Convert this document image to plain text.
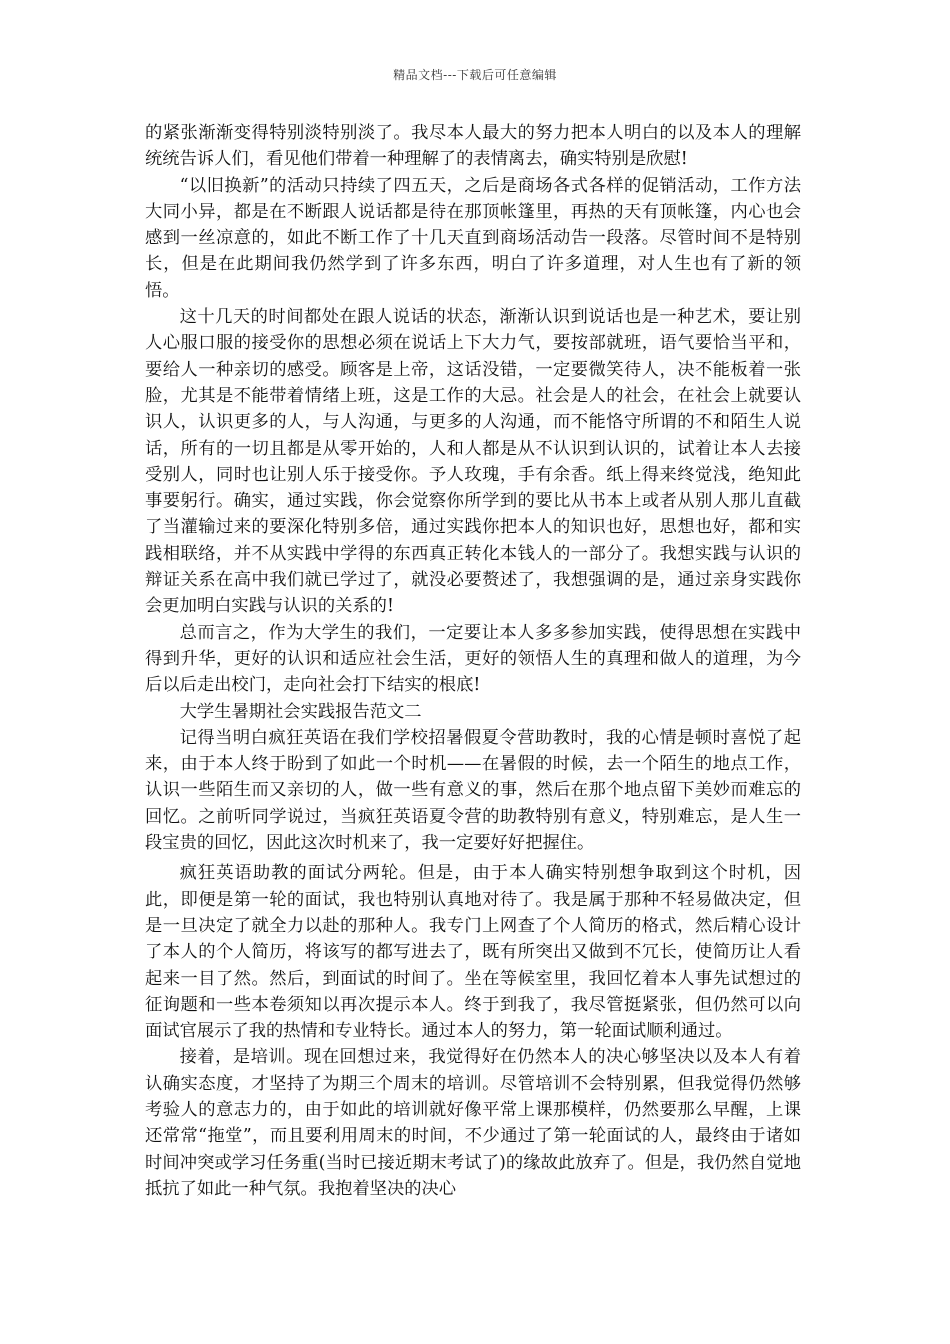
精品文档---下载后可任意编辑

的紧张渐渐变得特别淡特别淡了。我尽本人最大的努力把本人明白的以及本人的理解统统告诉人们，看见他们带着一种理解了的表情离去，确实特别是欣慰!

“以旧换新”的活动只持续了四五天，之后是商场各式各样的促销活动，工作方法大同小异，都是在不断跟人说话都是待在那顶帐篷里，再热的天有顶帐篷，内心也会感到一丝凉意的，如此不断工作了十几天直到商场活动告一段落。尽管时间不是特别长，但是在此期间我仍然学到了许多东西，明白了许多道理，对人生也有了新的领悟。

这十几天的时间都处在跟人说话的状态，渐渐认识到说话也是一种艺术，要让别人心服口服的接受你的思想必须在说话上下大力气，要按部就班，语气要恰当平和，要给人一种亲切的感受。顾客是上帝，这话没错，一定要微笑待人，决不能板着一张脸，尤其是不能带着情绪上班，这是工作的大忌。社会是人的社会，在社会上就要认识人，认识更多的人，与人沟通，与更多的人沟通，而不能恪守所谓的不和陌生人说话，所有的一切且都是从零开始的，人和人都是从不认识到认识的，试着让本人去接受别人，同时也让别人乐于接受你。予人玫瑰，手有余香。纸上得来终觉浅，绝知此事要躬行。确实，通过实践，你会觉察你所学到的要比从书本上或者从别人那儿直截了当灌输过来的要深化特别多倍，通过实践你把本人的知识也好，思想也好，都和实践相联络，并不从实践中学得的东西真正转化本钱人的一部分了。我想实践与认识的辩证关系在高中我们就已学过了，就没必要赘述了，我想强调的是，通过亲身实践你会更加明白实践与认识的关系的!

总而言之，作为大学生的我们，一定要让本人多多参加实践，使得思想在实践中得到升华，更好的认识和适应社会生活，更好的领悟人生的真理和做人的道理，为今后以后走出校门，走向社会打下结实的根底!

大学生暑期社会实践报告范文二

记得当明白疯狂英语在我们学校招暑假夏令营助教时，我的心情是顿时喜悦了起来，由于本人终于盼到了如此一个时机——在暑假的时候，去一个陌生的地点工作，认识一些陌生而又亲切的人，做一些有意义的事，然后在那个地点留下美妙而难忘的回忆。之前听同学说过，当疯狂英语夏令营的助教特别有意义，特别难忘，是人生一段宝贵的回忆，因此这次时机来了，我一定要好好把握住。

疯狂英语助教的面试分两轮。但是，由于本人确实特别想争取到这个时机，因此，即便是第一轮的面试，我也特别认真地对待了。我是属于那种不轻易做决定，但是一旦决定了就全力以赴的那种人。我专门上网查了个人简历的格式，然后精心设计了本人的个人简历，将该写的都写进去了，既有所突出又做到不冗长，使简历让人看起来一目了然。然后，到面试的时间了。坐在等候室里，我回忆着本人事先试想过的征询题和一些本卷须知以再次提示本人。终于到我了，我尽管挺紧张，但仍然可以向面试官展示了我的热情和专业特长。通过本人的努力，第一轮面试顺利通过。

接着，是培训。现在回想过来，我觉得好在仍然本人的决心够坚决以及本人有着认确实态度，才坚持了为期三个周末的培训。尽管培训不会特别累，但我觉得仍然够考验人的意志力的，由于如此的培训就好像平常上课那模样，仍然要那么早醒，上课还常常“拖堂”，而且要利用周末的时间，不少通过了第一轮面试的人，最终由于诸如时间冲突或学习任务重(当时已接近期末考试了)的缘故此放弃了。但是，我仍然自觉地抵抗了如此一种气氛。我抱着坚决的决心
